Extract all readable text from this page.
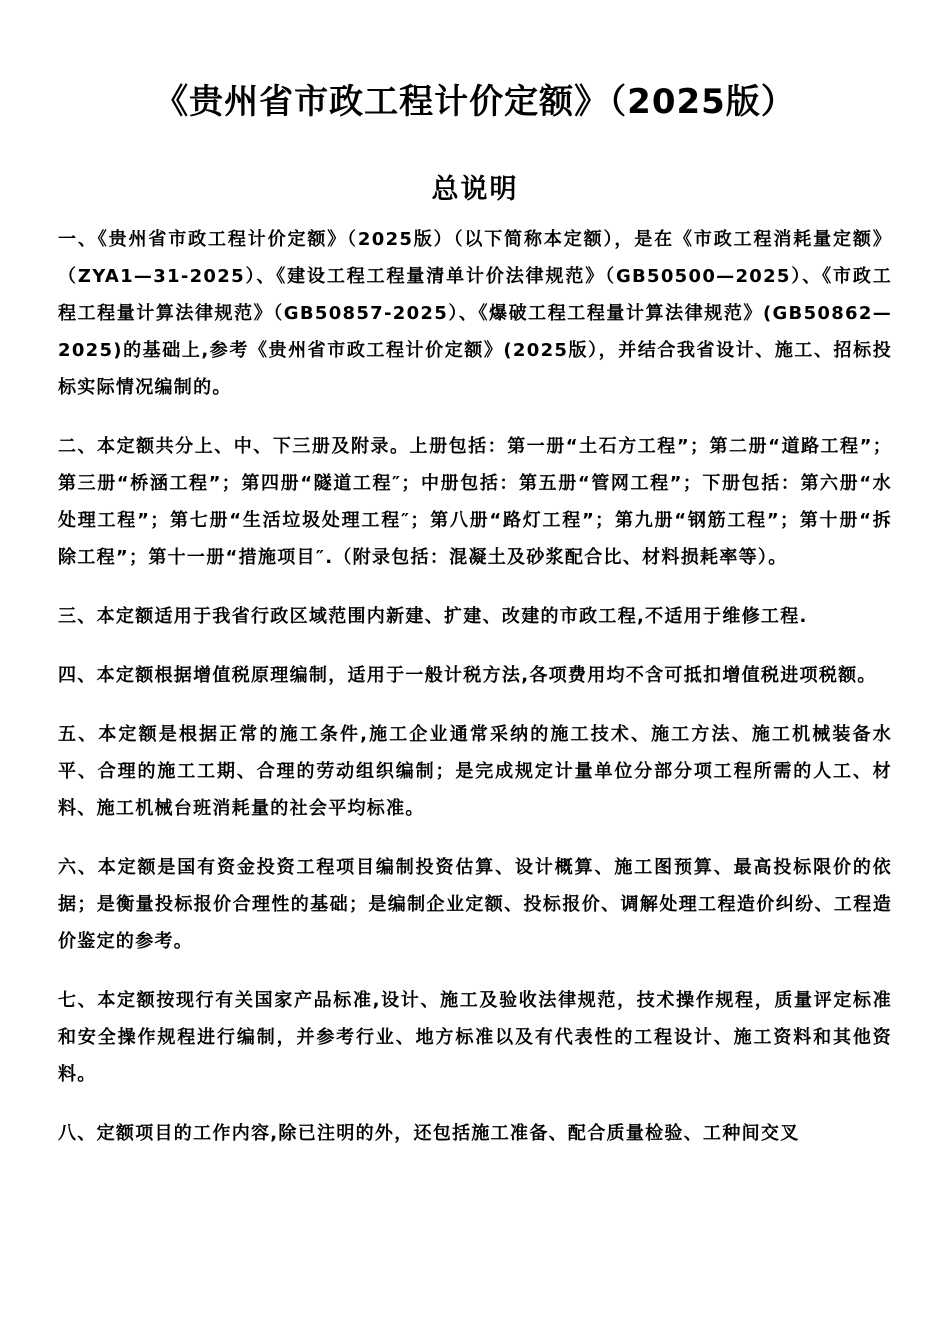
《贵州省市政工程计价定额》（2025版）
总说明

一、《贵州省市政工程计价定额》（2025版）（以下简称本定额），是在《市政工程消耗量定额》（ZYA1—31-2025）、《建设工程工程量清单计价法律规范》（GB50500—2025）、《市政工程工程量计算法律规范》（GB50857-2025）、《爆破工程工程量计算法律规范》(GB50862—2025)的基础上,参考《贵州省市政工程计价定额》(2025版），并结合我省设计、施工、招标投标实际情况编制的。

二、本定额共分上、中、下三册及附录。上册包括：第一册“土石方工程”；第二册“道路工程”；第三册“桥涵工程”；第四册“隧道工程″；中册包括：第五册“管网工程”；下册包括：第六册“水处理工程”；第七册“生活垃圾处理工程″；第八册“路灯工程”；第九册“钢筋工程”；第十册“拆除工程”；第十一册“措施项目″.（附录包括：混凝土及砂浆配合比、材料损耗率等）。

三、本定额适用于我省行政区域范围内新建、扩建、改建的市政工程,不适用于维修工程.

四、本定额根据增值税原理编制，适用于一般计税方法,各项费用均不含可抵扣增值税进项税额。

五、本定额是根据正常的施工条件,施工企业通常采纳的施工技术、施工方法、施工机械装备水平、合理的施工工期、合理的劳动组织编制；是完成规定计量单位分部分项工程所需的人工、材料、施工机械台班消耗量的社会平均标准。

六、本定额是国有资金投资工程项目编制投资估算、设计概算、施工图预算、最高投标限价的依据；是衡量投标报价合理性的基础；是编制企业定额、投标报价、调解处理工程造价纠纷、工程造价鉴定的参考。

七、本定额按现行有关国家产品标准,设计、施工及验收法律规范，技术操作规程，质量评定标准和安全操作规程进行编制，并参考行业、地方标准以及有代表性的工程设计、施工资料和其他资料。

八、定额项目的工作内容,除已注明的外，还包括施工准备、配合质量检验、工种间交叉
